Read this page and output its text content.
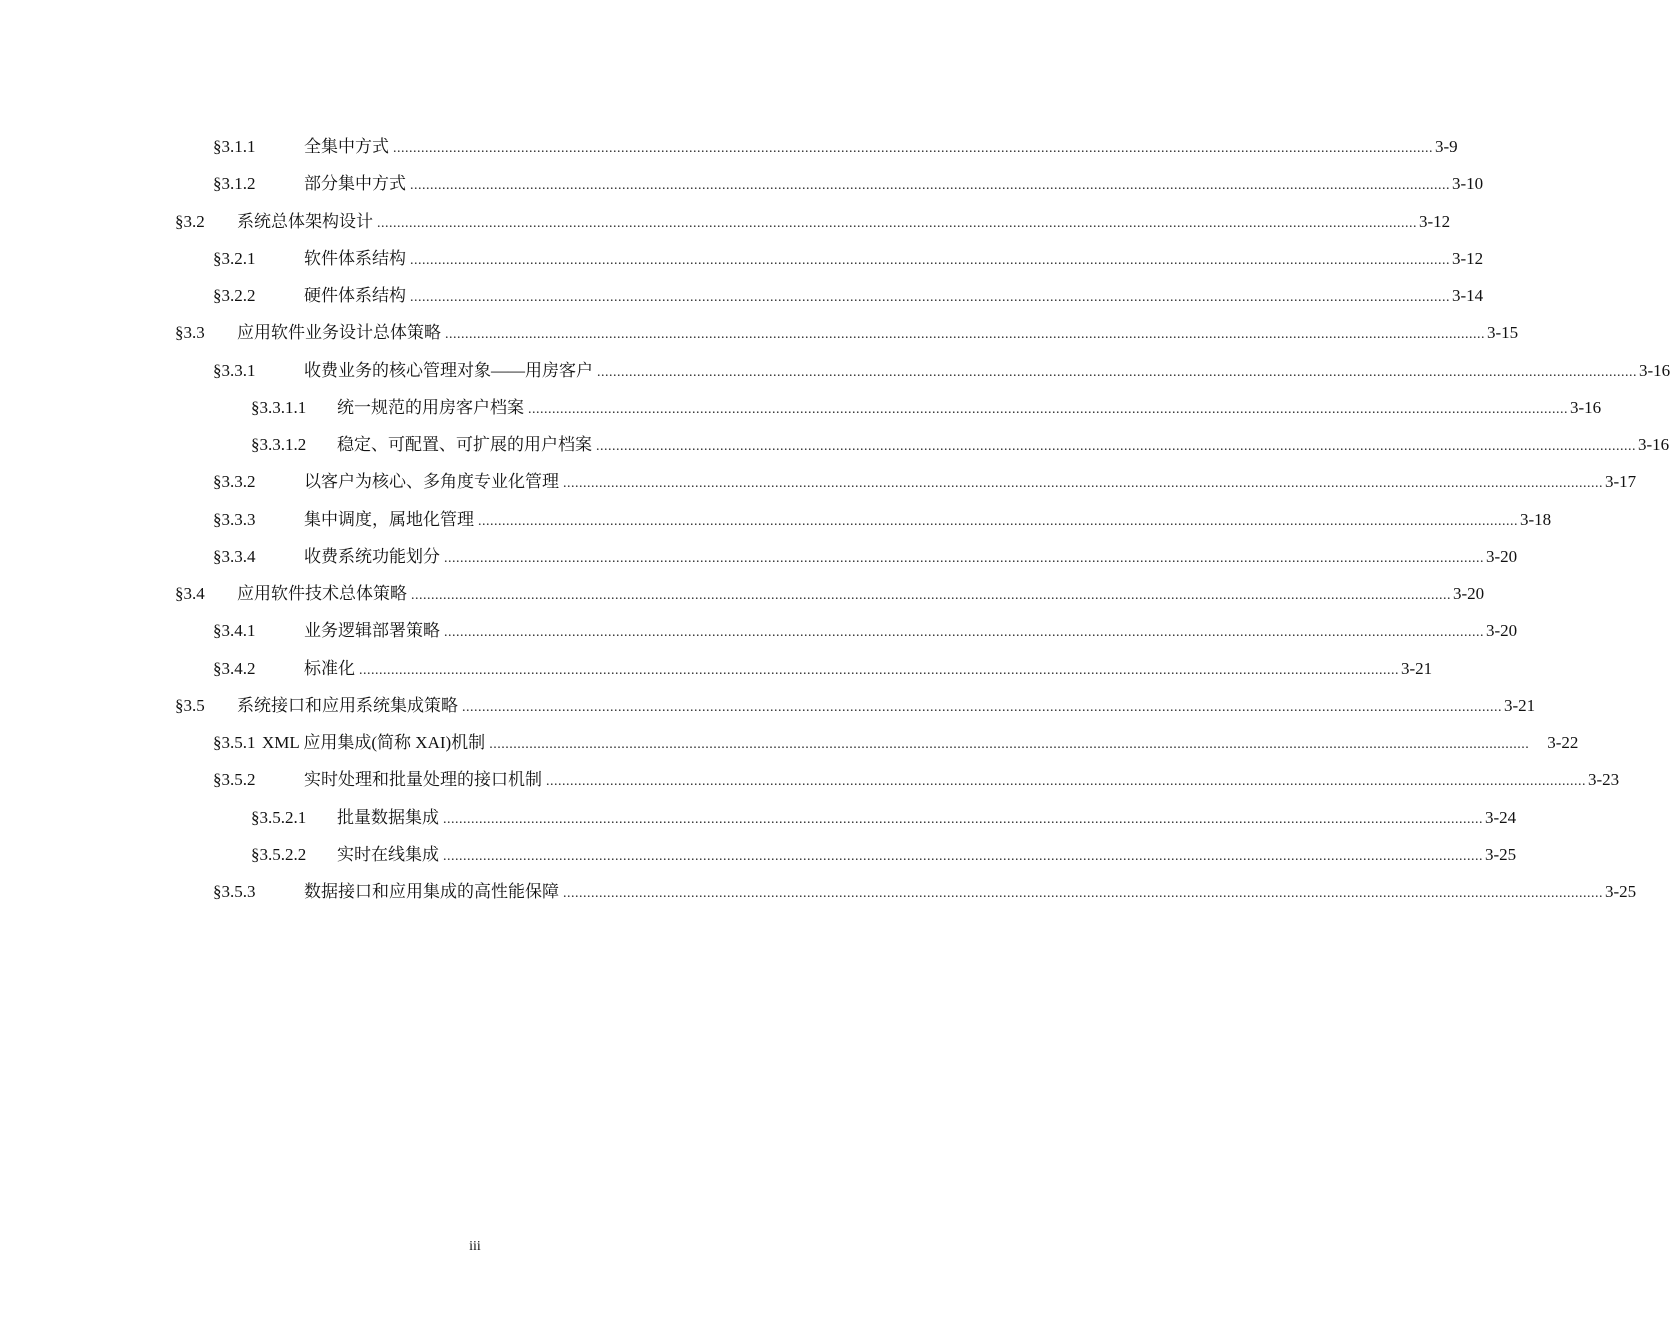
§3.1.1	全集中方式 .................................................................................................................................................................................................................................................................... 3-9
§3.1.2	部分集中方式 .................................................................................................................................................................................................................................................................... 3-10
§3.2 系统总体架构设计 .................................................................................................................................................................................................................................................................... 3-12
§3.2.1	软件体系结构 .................................................................................................................................................................................................................................................................... 3-12
§3.2.2	硬件体系结构 .................................................................................................................................................................................................................................................................... 3-14
§3.3 应用软件业务设计总体策略 .................................................................................................................................................................................................................................................................... 3-15
§3.3.1	收费业务的核心管理对象——用房客户 .................................................................................................................................................................................................................................................................... 3-16
§3.3.1.1 统一规范的用房客户档案 .................................................................................................................................................................................................................................................................... 3-16
§3.3.1.2 稳定、可配置、可扩展的用户档案 .................................................................................................................................................................................................................................................................... 3-16
§3.3.2	以客户为核心、多角度专业化管理 .................................................................................................................................................................................................................................................................... 3-17
§3.3.3	集中调度，属地化管理 .................................................................................................................................................................................................................................................................... 3-18
§3.3.4	收费系统功能划分 .................................................................................................................................................................................................................................................................... 3-20
§3.4 应用软件技术总体策略 .................................................................................................................................................................................................................................................................... 3-20
§3.4.1	业务逻辑部署策略 .................................................................................................................................................................................................................................................................... 3-20
§3.4.2	标准化 .................................................................................................................................................................................................................................................................... 3-21
§3.5 系统接口和应用系统集成策略 .................................................................................................................................................................................................................................................................... 3-21
§3.5.1 XML 应用集成(简称 XAI)机制 ....................................................................................................................................................................................................................................................................	3-22
§3.5.2	实时处理和批量处理的接口机制 .................................................................................................................................................................................................................................................................... 3-23
§3.5.2.1 批量数据集成 .................................................................................................................................................................................................................................................................... 3-24
§3.5.2.2 实时在线集成 .................................................................................................................................................................................................................................................................... 3-25
§3.5.3	数据接口和应用集成的高性能保障 .................................................................................................................................................................................................................................................................... 3-25
iii
